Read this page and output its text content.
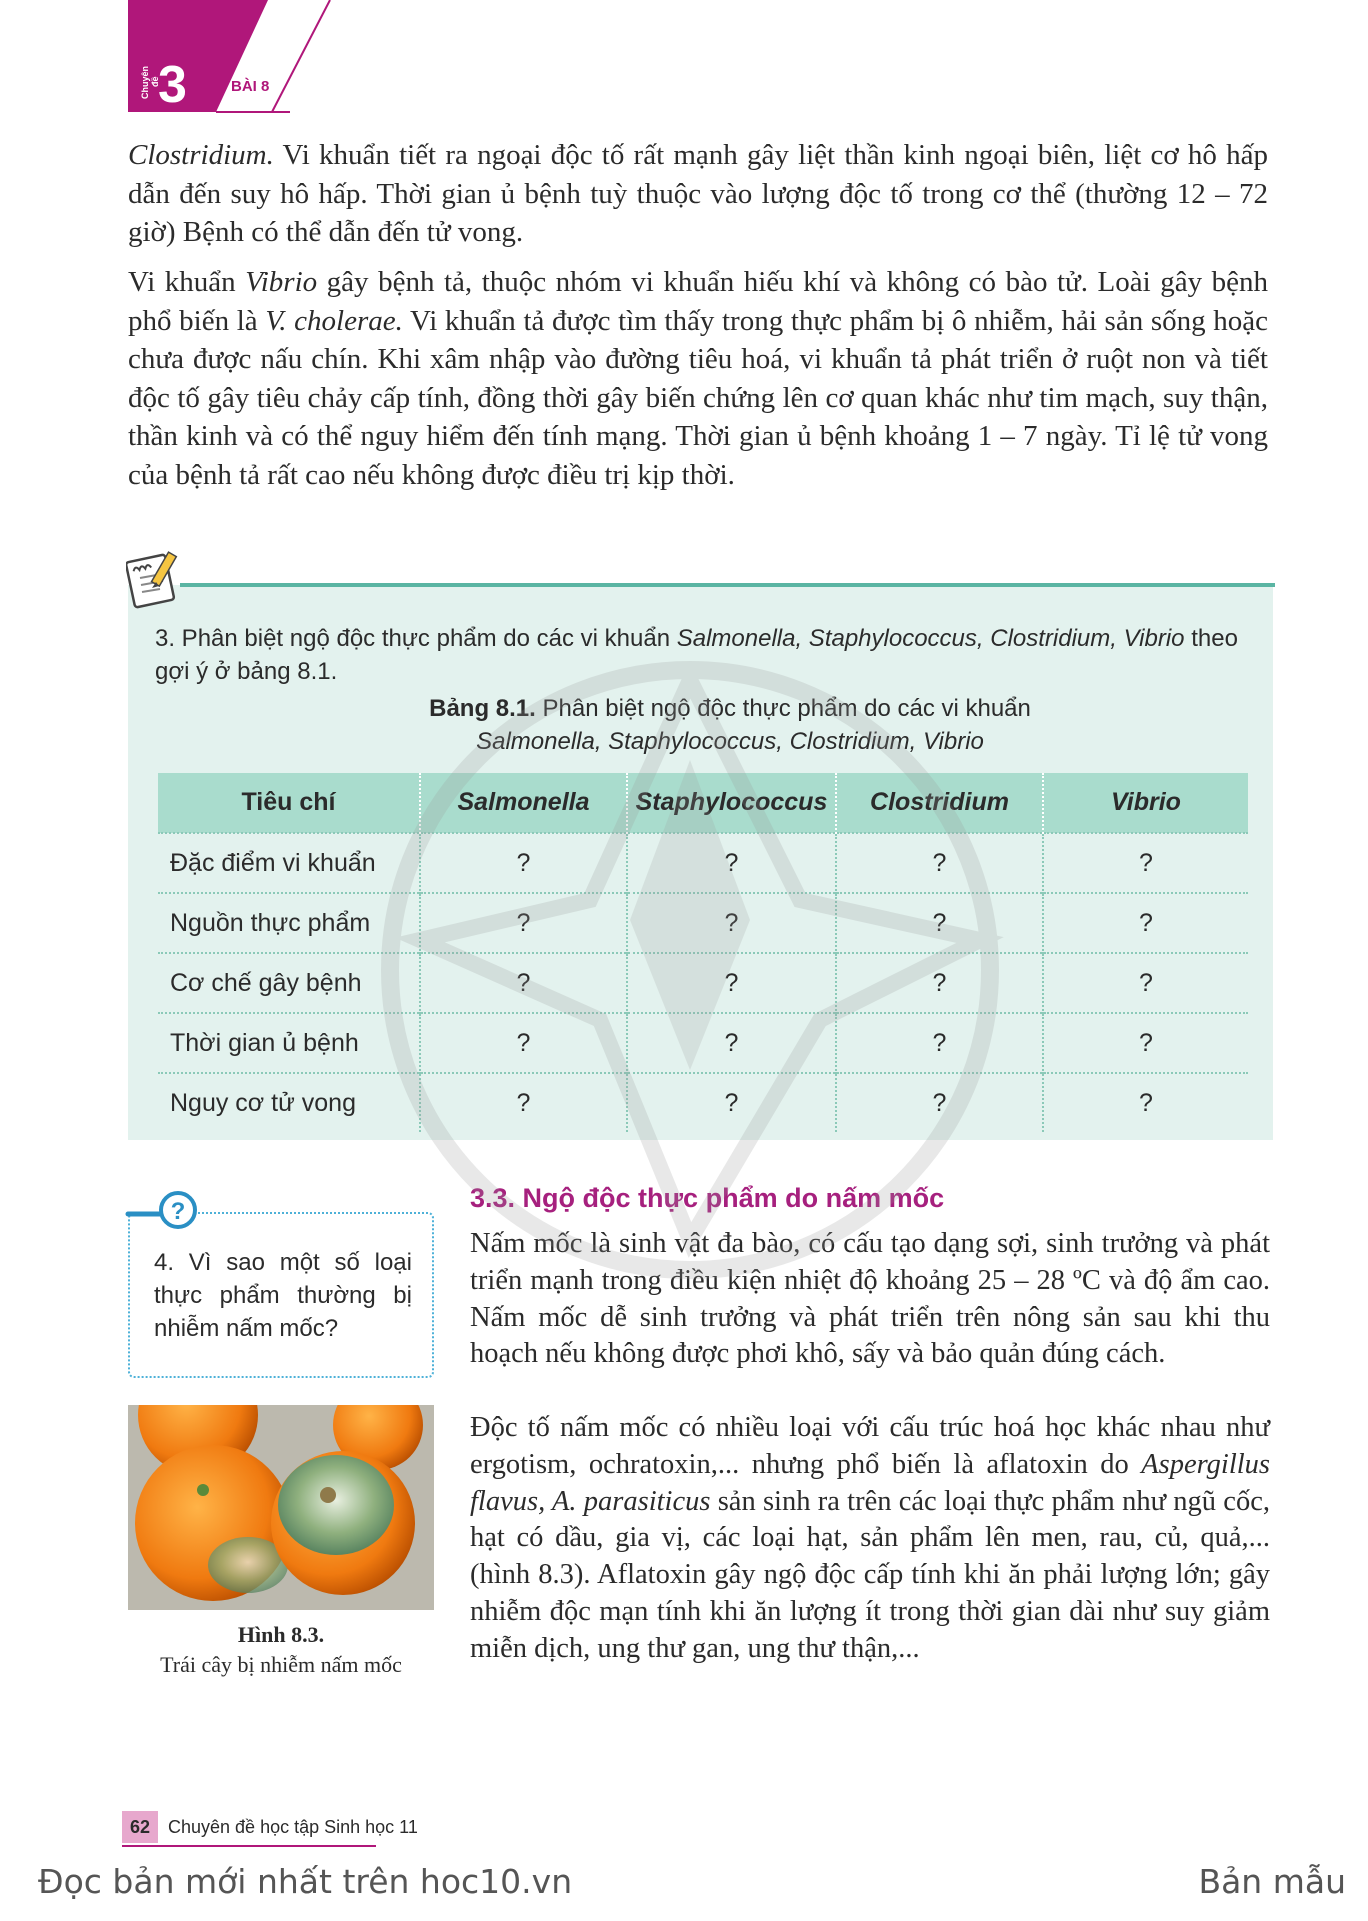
Chuyên đề
3	BÀI 8

Clostridium. Vi khuẩn tiết ra ngoại độc tố rất mạnh gây liệt thần kinh ngoại biên, liệt cơ hô hấp dẫn đến suy hô hấp. Thời gian ủ bệnh tuỳ thuộc vào lượng độc tố trong cơ thể (thường 12 – 72 giờ) Bệnh có thể dẫn đến tử vong.

Vi khuẩn Vibrio gây bệnh tả, thuộc nhóm vi khuẩn hiếu khí và không có bào tử. Loài gây bệnh phổ biến là V. cholerae. Vi khuẩn tả được tìm thấy trong thực phẩm bị ô nhiễm, hải sản sống hoặc chưa được nấu chín. Khi xâm nhập vào đường tiêu hoá, vi khuẩn tả phát triển ở ruột non và tiết độc tố gây tiêu chảy cấp tính, đồng thời gây biến chứng lên cơ quan khác như tim mạch, suy thận, thần kinh và có thể nguy hiểm đến tính mạng. Thời gian ủ bệnh khoảng 1 – 7 ngày. Tỉ lệ tử vong của bệnh tả rất cao nếu không được điều trị kịp thời.

3. Phân biệt ngộ độc thực phẩm do các vi khuẩn Salmonella, Staphylococcus, Clostridium, Vibrio theo gợi ý ở bảng 8.1.
Bảng 8.1. Phân biệt ngộ độc thực phẩm do các vi khuẩn
Salmonella, Staphylococcus, Clostridium, Vibrio
Tiêu chí	Salmonella	Staphylococcus	Clostridium	Vibrio
Đặc điểm vi khuẩn	?	?	?	?
Nguồn thực phẩm	?	?	?	?
Cơ chế gây bệnh	?	?	?	?
Thời gian ủ bệnh	?	?	?	?
Nguy cơ tử vong	?	?	?	?
?
4. Vì sao một số loại thực phẩm thường bị nhiễm nấm mốc?
Hình 8.3.
Trái cây bị nhiễm nấm mốc
3.3. Ngộ độc thực phẩm do nấm mốc

Nấm mốc là sinh vật đa bào, có cấu tạo dạng sợi, sinh trưởng và phát triển mạnh trong điều kiện nhiệt độ khoảng 25 – 28 ºC và độ ẩm cao. Nấm mốc dễ sinh trưởng và phát triển trên nông sản sau khi thu hoạch nếu không được phơi khô, sấy và bảo quản đúng cách.

Độc tố nấm mốc có nhiều loại với cấu trúc hoá học khác nhau như ergotism, ochratoxin,... nhưng phổ biến là aflatoxin do Aspergillus flavus, A. parasiticus sản sinh ra trên các loại thực phẩm như ngũ cốc, hạt có dầu, gia vị, các loại hạt, sản phẩm lên men, rau, củ, quả,... (hình 8.3). Aflatoxin gây ngộ độc cấp tính khi ăn phải lượng lớn; gây nhiễm độc mạn tính khi ăn lượng ít trong thời gian dài như suy giảm miễn dịch, ung thư gan, ung thư thận,...

62 Chuyên đề học tập Sinh học 11
Đọc bản mới nhất trên hoc10.vn	Bản mẫu
